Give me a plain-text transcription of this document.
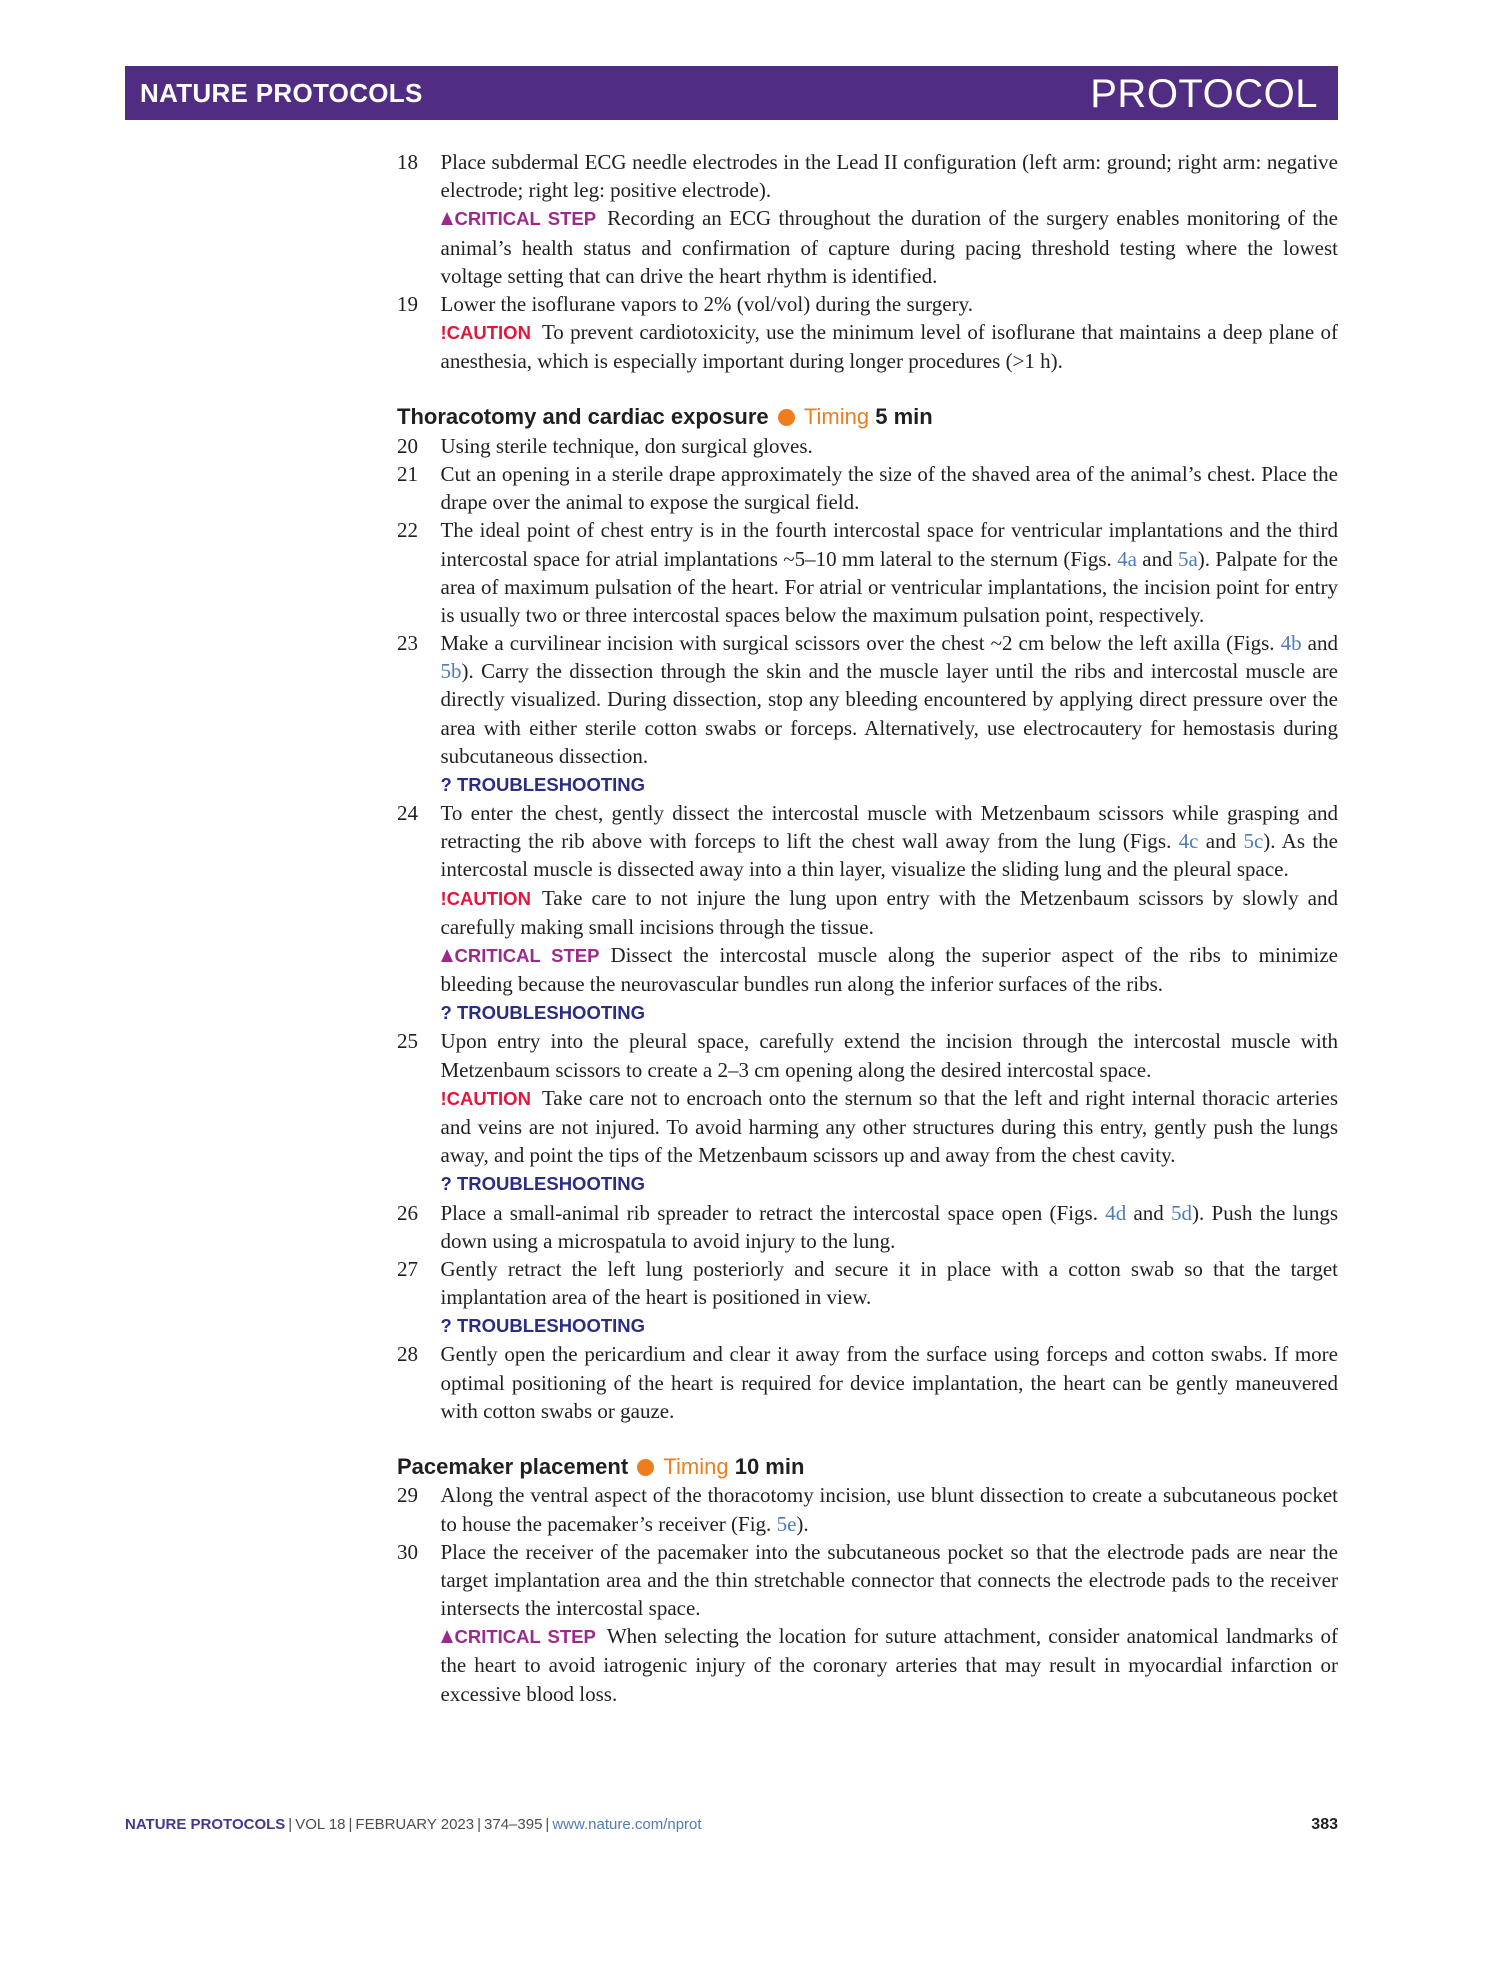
NATURE PROTOCOLS	PROTOCOL
18 Place subdermal ECG needle electrodes in the Lead II configuration (left arm: ground; right arm: negative electrode; right leg: positive electrode).
CRITICAL STEP Recording an ECG throughout the duration of the surgery enables monitoring of the animal’s health status and confirmation of capture during pacing threshold testing where the lowest voltage setting that can drive the heart rhythm is identified.
19 Lower the isoflurane vapors to 2% (vol/vol) during the surgery.
!CAUTION To prevent cardiotoxicity, use the minimum level of isoflurane that maintains a deep plane of anesthesia, which is especially important during longer procedures (>1 h).
Thoracotomy and cardiac exposure Timing 5 min
20 Using sterile technique, don surgical gloves.
21 Cut an opening in a sterile drape approximately the size of the shaved area of the animal’s chest. Place the drape over the animal to expose the surgical field.
22 The ideal point of chest entry is in the fourth intercostal space for ventricular implantations and the third intercostal space for atrial implantations ~5–10 mm lateral to the sternum (Figs. 4a and 5a). Palpate for the area of maximum pulsation of the heart. For atrial or ventricular implantations, the incision point for entry is usually two or three intercostal spaces below the maximum pulsation point, respectively.
23 Make a curvilinear incision with surgical scissors over the chest ~2 cm below the left axilla (Figs. 4b and 5b). Carry the dissection through the skin and the muscle layer until the ribs and intercostal muscle are directly visualized. During dissection, stop any bleeding encountered by applying direct pressure over the area with either sterile cotton swabs or forceps. Alternatively, use electrocautery for hemostasis during subcutaneous dissection.
? TROUBLESHOOTING
24 To enter the chest, gently dissect the intercostal muscle with Metzenbaum scissors while grasping and retracting the rib above with forceps to lift the chest wall away from the lung (Figs. 4c and 5c). As the intercostal muscle is dissected away into a thin layer, visualize the sliding lung and the pleural space.
!CAUTION Take care to not injure the lung upon entry with the Metzenbaum scissors by slowly and carefully making small incisions through the tissue.
CRITICAL STEP Dissect the intercostal muscle along the superior aspect of the ribs to minimize bleeding because the neurovascular bundles run along the inferior surfaces of the ribs.
? TROUBLESHOOTING
25 Upon entry into the pleural space, carefully extend the incision through the intercostal muscle with Metzenbaum scissors to create a 2–3 cm opening along the desired intercostal space.
!CAUTION Take care not to encroach onto the sternum so that the left and right internal thoracic arteries and veins are not injured. To avoid harming any other structures during this entry, gently push the lungs away, and point the tips of the Metzenbaum scissors up and away from the chest cavity.
? TROUBLESHOOTING
26 Place a small-animal rib spreader to retract the intercostal space open (Figs. 4d and 5d). Push the lungs down using a microspatula to avoid injury to the lung.
27 Gently retract the left lung posteriorly and secure it in place with a cotton swab so that the target implantation area of the heart is positioned in view.
? TROUBLESHOOTING
28 Gently open the pericardium and clear it away from the surface using forceps and cotton swabs. If more optimal positioning of the heart is required for device implantation, the heart can be gently maneuvered with cotton swabs or gauze.
Pacemaker placement Timing 10 min
29 Along the ventral aspect of the thoracotomy incision, use blunt dissection to create a subcutaneous pocket to house the pacemaker’s receiver (Fig. 5e).
30 Place the receiver of the pacemaker into the subcutaneous pocket so that the electrode pads are near the target implantation area and the thin stretchable connector that connects the electrode pads to the receiver intersects the intercostal space.
CRITICAL STEP When selecting the location for suture attachment, consider anatomical landmarks of the heart to avoid iatrogenic injury of the coronary arteries that may result in myocardial infarction or excessive blood loss.
NATURE PROTOCOLS | VOL 18 | FEBRUARY 2023 | 374–395 | www.nature.com/nprot	383
